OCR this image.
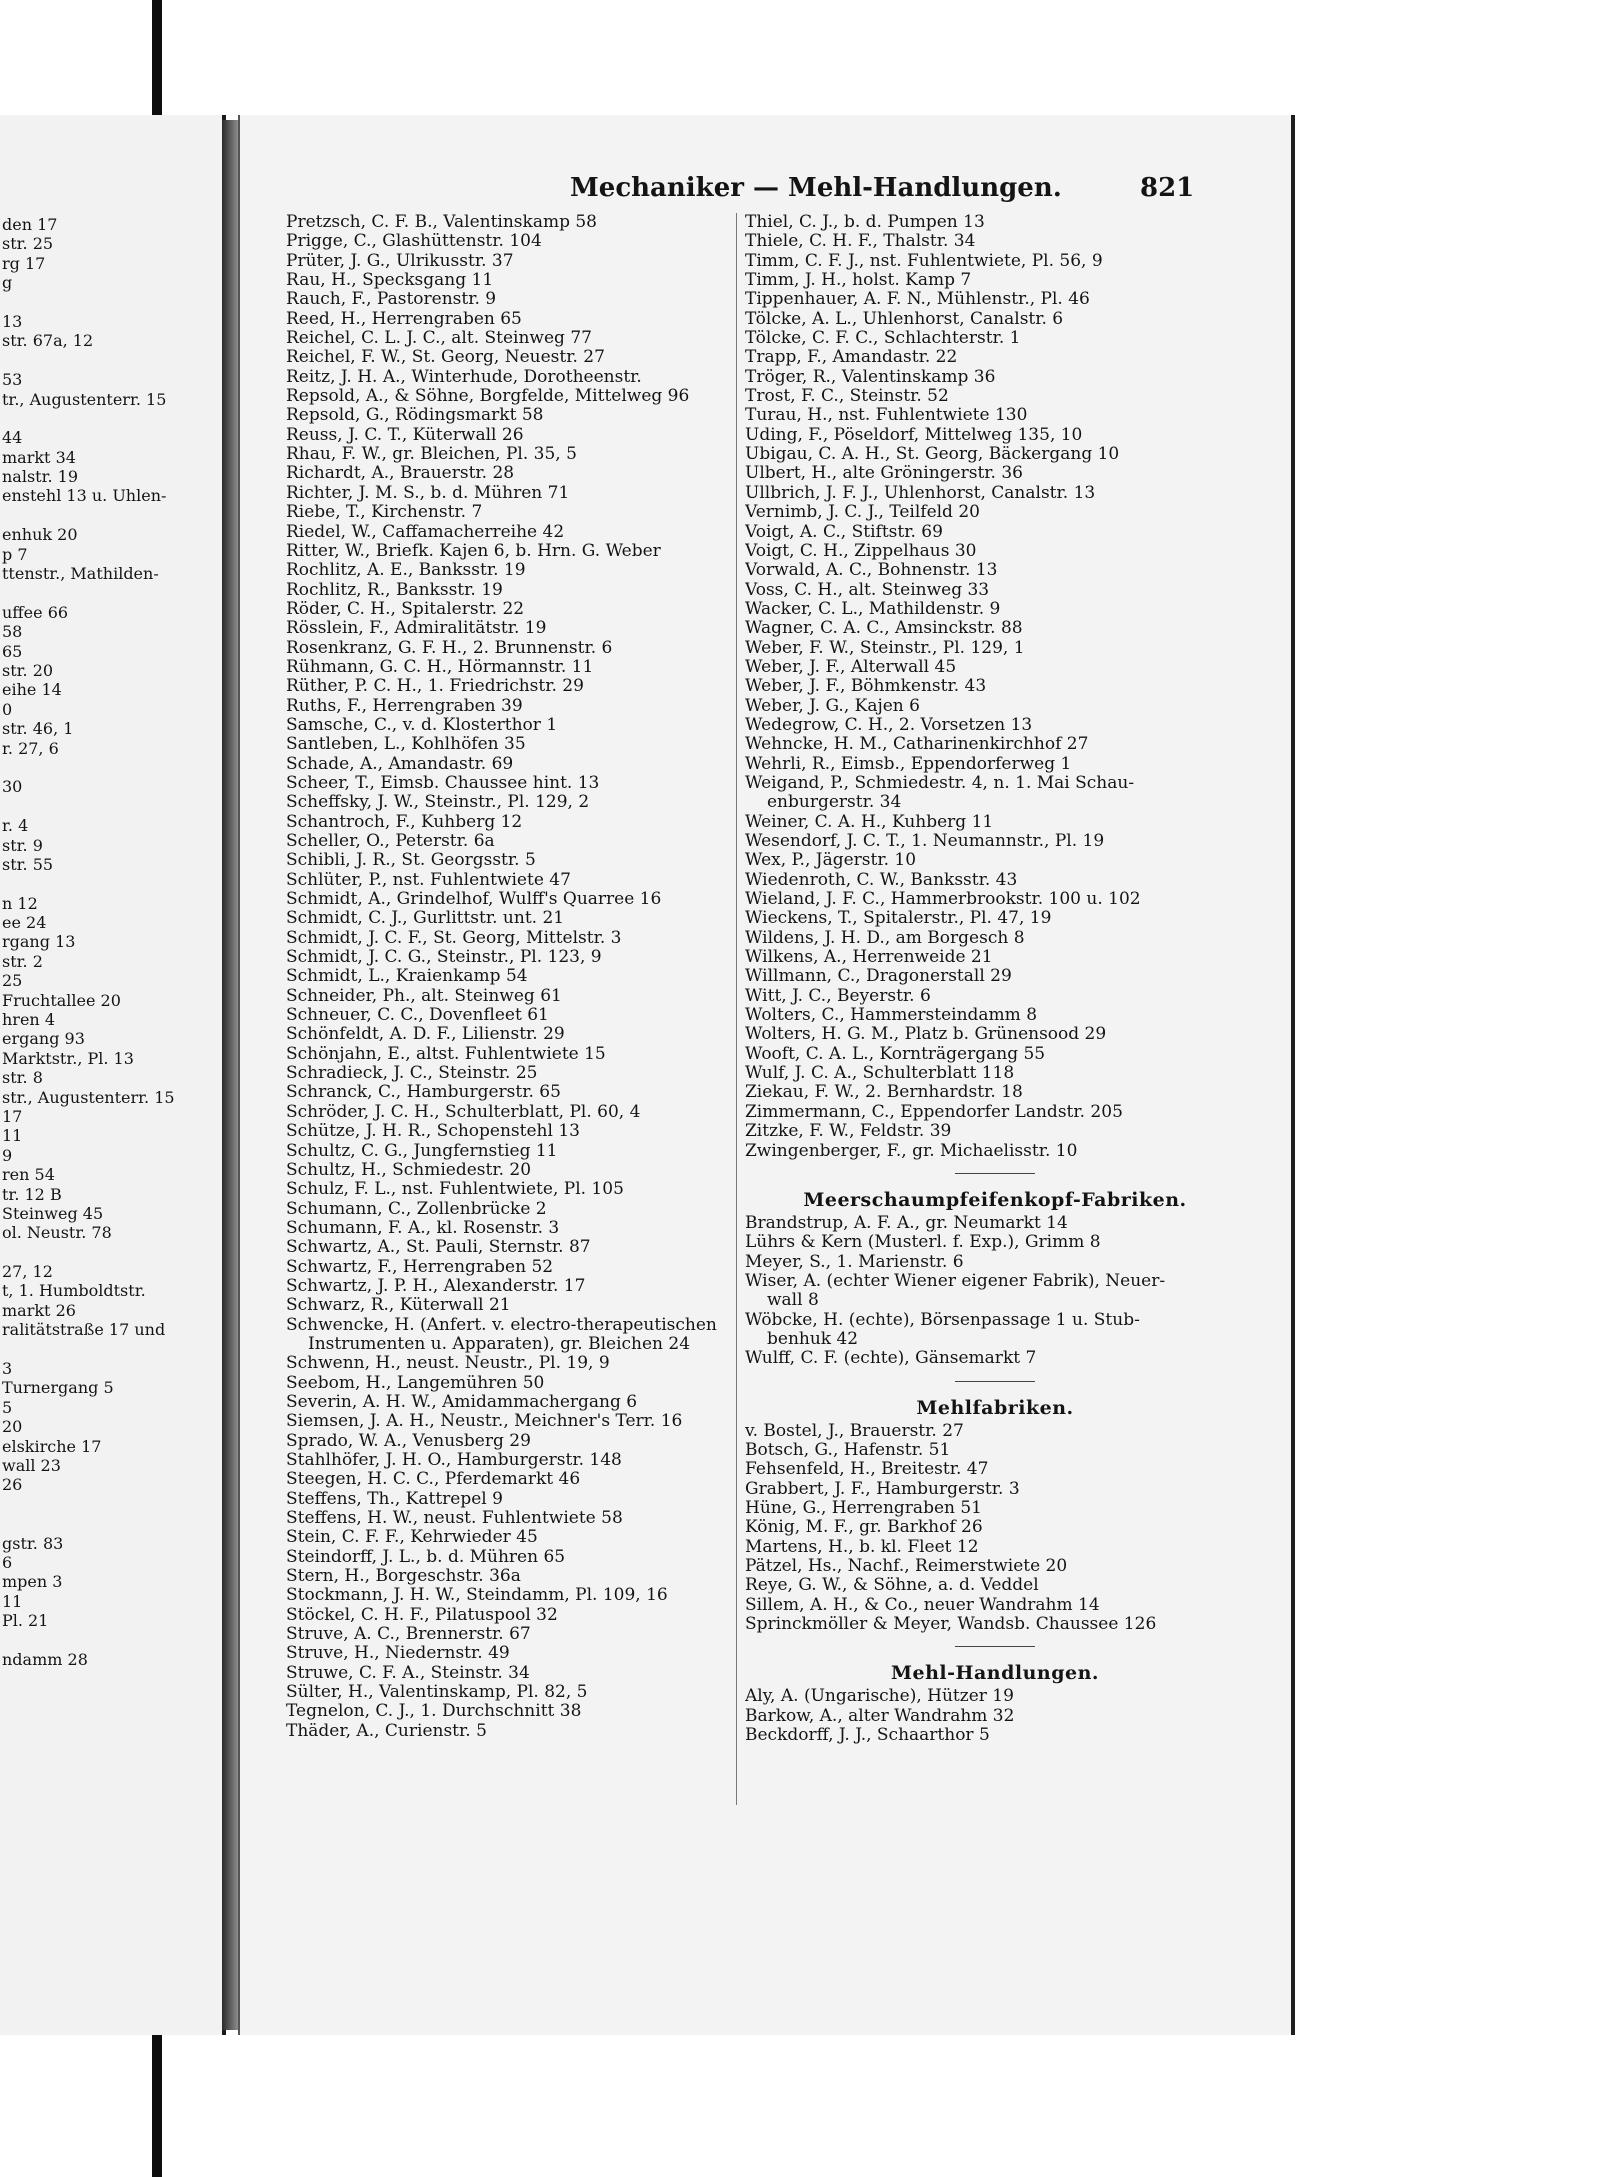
den 17
str. 25
rg 17
g
13
str. 67a, 12
53
tr., Augustenterr. 15
44
markt 34
nalstr. 19
enstehl 13 u. Uhlen-
enhuk 20
p 7
ttenstr., Mathilden-
uffee 66
58
65
str. 20
eihe 14
0
str. 46, 1
r. 27, 6
30
r. 4
str. 9
str. 55
n 12
ee 24
rgang 13
str. 2
25
Fruchtallee 20
hren 4
ergang 93
Marktstr., Pl. 13
str. 8
str., Augustenterr. 15
17
11
9
ren 54
tr. 12 B
Steinweg 45
ol. Neustr. 78
27, 12
t, 1. Humboldtstr.
markt 26
ralitätstraße 17 und
3
Turnergang 5
5
20
elskirche 17
wall 23
26
gstr. 83
6
mpen 3
11
Pl. 21
ndamm 28
Mechaniker — Mehl-Handlungen.	821
Pretzsch, C. F. B., Valentinskamp 58
Prigge, C., Glashüttenstr. 104
Prüter, J. G., Ulrikusstr. 37
Rau, H., Specksgang 11
Rauch, F., Pastorenstr. 9
Reed, H., Herrengraben 65
Reichel, C. L. J. C., alt. Steinweg 77
Reichel, F. W., St. Georg, Neuestr. 27
Reitz, J. H. A., Winterhude, Dorotheenstr.
Repsold, A., & Söhne, Borgfelde, Mittelweg 96
Repsold, G., Rödingsmarkt 58
Reuss, J. C. T., Küterwall 26
Rhau, F. W., gr. Bleichen, Pl. 35, 5
Richardt, A., Brauerstr. 28
Richter, J. M. S., b. d. Mühren 71
Riebe, T., Kirchenstr. 7
Riedel, W., Caffamacherreihe 42
Ritter, W., Briefk. Kajen 6, b. Hrn. G. Weber
Rochlitz, A. E., Banksstr. 19
Rochlitz, R., Banksstr. 19
Röder, C. H., Spitalerstr. 22
Rösslein, F., Admiralitätstr. 19
Rosenkranz, G. F. H., 2. Brunnenstr. 6
Rühmann, G. C. H., Hörmannstr. 11
Rüther, P. C. H., 1. Friedrichstr. 29
Ruths, F., Herrengraben 39
Samsche, C., v. d. Klosterthor 1
Santleben, L., Kohlhöfen 35
Schade, A., Amandastr. 69
Scheer, T., Eimsb. Chaussee hint. 13
Scheffsky, J. W., Steinstr., Pl. 129, 2
Schantroch, F., Kuhberg 12
Scheller, O., Peterstr. 6a
Schibli, J. R., St. Georgsstr. 5
Schlüter, P., nst. Fuhlentwiete 47
Schmidt, A., Grindelhof, Wulff's Quarree 16
Schmidt, C. J., Gurlittstr. unt. 21
Schmidt, J. C. F., St. Georg, Mittelstr. 3
Schmidt, J. C. G., Steinstr., Pl. 123, 9
Schmidt, L., Kraienkamp 54
Schneider, Ph., alt. Steinweg 61
Schneuer, C. C., Dovenfleet 61
Schönfeldt, A. D. F., Lilienstr. 29
Schönjahn, E., altst. Fuhlentwiete 15
Schradieck, J. C., Steinstr. 25
Schranck, C., Hamburgerstr. 65
Schröder, J. C. H., Schulterblatt, Pl. 60, 4
Schütze, J. H. R., Schopenstehl 13
Schultz, C. G., Jungfernstieg 11
Schultz, H., Schmiedestr. 20
Schulz, F. L., nst. Fuhlentwiete, Pl. 105
Schumann, C., Zollenbrücke 2
Schumann, F. A., kl. Rosenstr. 3
Schwartz, A., St. Pauli, Sternstr. 87
Schwartz, F., Herrengraben 52
Schwartz, J. P. H., Alexanderstr. 17
Schwarz, R., Küterwall 21
Schwencke, H. (Anfert. v. electro-therapeutischen
Instrumenten u. Apparaten), gr. Bleichen 24
Schwenn, H., neust. Neustr., Pl. 19, 9
Seebom, H., Langemühren 50
Severin, A. H. W., Amidammachergang 6
Siemsen, J. A. H., Neustr., Meichner's Terr. 16
Sprado, W. A., Venusberg 29
Stahlhöfer, J. H. O., Hamburgerstr. 148
Steegen, H. C. C., Pferdemarkt 46
Steffens, Th., Kattrepel 9
Steffens, H. W., neust. Fuhlentwiete 58
Stein, C. F. F., Kehrwieder 45
Steindorff, J. L., b. d. Mühren 65
Stern, H., Borgeschstr. 36a
Stockmann, J. H. W., Steindamm, Pl. 109, 16
Stöckel, C. H. F., Pilatuspool 32
Struve, A. C., Brennerstr. 67
Struve, H., Niedernstr. 49
Struwe, C. F. A., Steinstr. 34
Sülter, H., Valentinskamp, Pl. 82, 5
Tegnelon, C. J., 1. Durchschnitt 38
Thäder, A., Curienstr. 5
Thiel, C. J., b. d. Pumpen 13
Thiele, C. H. F., Thalstr. 34
Timm, C. F. J., nst. Fuhlentwiete, Pl. 56, 9
Timm, J. H., holst. Kamp 7
Tippenhauer, A. F. N., Mühlenstr., Pl. 46
Tölcke, A. L., Uhlenhorst, Canalstr. 6
Tölcke, C. F. C., Schlachterstr. 1
Trapp, F., Amandastr. 22
Tröger, R., Valentinskamp 36
Trost, F. C., Steinstr. 52
Turau, H., nst. Fuhlentwiete 130
Uding, F., Pöseldorf, Mittelweg 135, 10
Ubigau, C. A. H., St. Georg, Bäckergang 10
Ulbert, H., alte Gröningerstr. 36
Ullbrich, J. F. J., Uhlenhorst, Canalstr. 13
Vernimb, J. C. J., Teilfeld 20
Voigt, A. C., Stiftstr. 69
Voigt, C. H., Zippelhaus 30
Vorwald, A. C., Bohnenstr. 13
Voss, C. H., alt. Steinweg 33
Wacker, C. L., Mathildenstr. 9
Wagner, C. A. C., Amsinckstr. 88
Weber, F. W., Steinstr., Pl. 129, 1
Weber, J. F., Alterwall 45
Weber, J. F., Böhmkenstr. 43
Weber, J. G., Kajen 6
Wedegrow, C. H., 2. Vorsetzen 13
Wehncke, H. M., Catharinenkirchhof 27
Wehrli, R., Eimsb., Eppendorferweg 1
Weigand, P., Schmiedestr. 4, n. 1. Mai Schau-
enburgerstr. 34
Weiner, C. A. H., Kuhberg 11
Wesendorf, J. C. T., 1. Neumannstr., Pl. 19
Wex, P., Jägerstr. 10
Wiedenroth, C. W., Banksstr. 43
Wieland, J. F. C., Hammerbrookstr. 100 u. 102
Wieckens, T., Spitalerstr., Pl. 47, 19
Wildens, J. H. D., am Borgesch 8
Wilkens, A., Herrenweide 21
Willmann, C., Dragonerstall 29
Witt, J. C., Beyerstr. 6
Wolters, C., Hammersteindamm 8
Wolters, H. G. M., Platz b. Grünensood 29
Wooft, C. A. L., Kornträgergang 55
Wulf, J. C. A., Schulterblatt 118
Ziekau, F. W., 2. Bernhardstr. 18
Zimmermann, C., Eppendorfer Landstr. 205
Zitzke, F. W., Feldstr. 39
Zwingenberger, F., gr. Michaelisstr. 10
Meerschaumpfeifenkopf-Fabriken.
Brandstrup, A. F. A., gr. Neumarkt 14
Lührs & Kern (Musterl. f. Exp.), Grimm 8
Meyer, S., 1. Marienstr. 6
Wiser, A. (echter Wiener eigener Fabrik), Neuer-
wall 8
Wöbcke, H. (echte), Börsenpassage 1 u. Stub-
benhuk 42
Wulff, C. F. (echte), Gänsemarkt 7
Mehlfabriken.
v. Bostel, J., Brauerstr. 27
Botsch, G., Hafenstr. 51
Fehsenfeld, H., Breitestr. 47
Grabbert, J. F., Hamburgerstr. 3
Hüne, G., Herrengraben 51
König, M. F., gr. Barkhof 26
Martens, H., b. kl. Fleet 12
Pätzel, Hs., Nachf., Reimerstwiete 20
Reye, G. W., & Söhne, a. d. Veddel
Sillem, A. H., & Co., neuer Wandrahm 14
Sprinckmöller & Meyer, Wandsb. Chaussee 126
Mehl-Handlungen.
Aly, A. (Ungarische), Hützer 19
Barkow, A., alter Wandrahm 32
Beckdorff, J. J., Schaarthor 5
